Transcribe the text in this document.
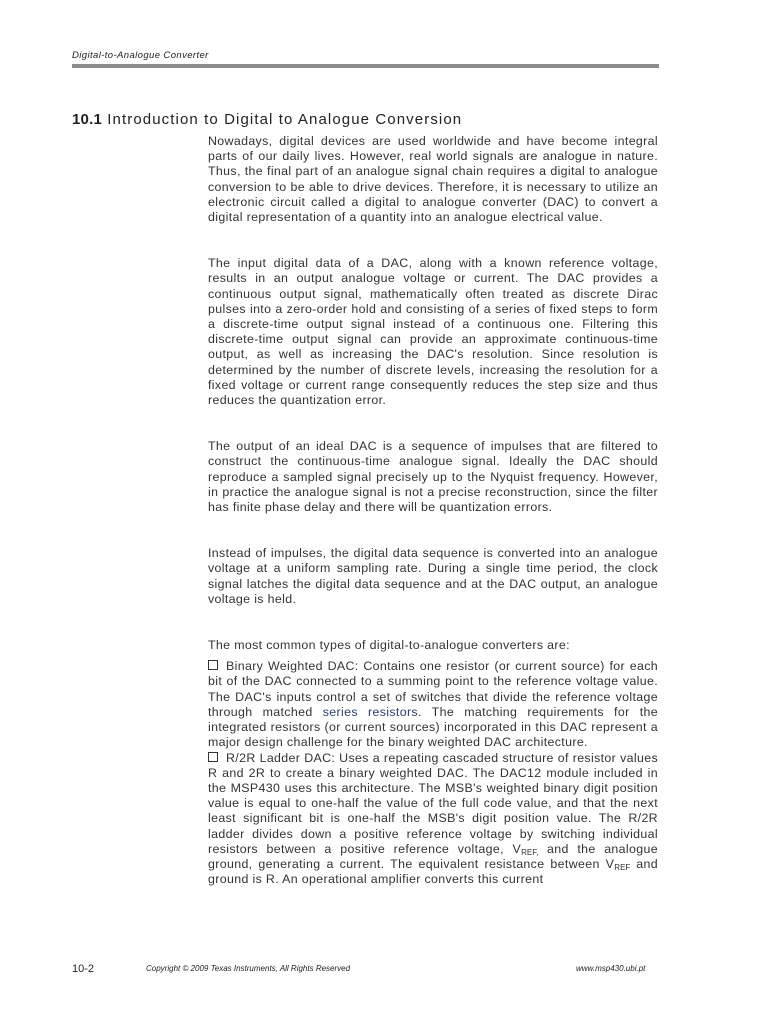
Digital-to-Analogue Converter
10.1 Introduction to Digital to Analogue Conversion

Nowadays, digital devices are used worldwide and have become integral parts of our daily lives. However, real world signals are analogue in nature. Thus, the final part of an analogue signal chain requires a digital to analogue conversion to be able to drive devices. Therefore, it is necessary to utilize an electronic circuit called a digital to analogue converter (DAC) to convert a digital representation of a quantity into an analogue electrical value.

The input digital data of a DAC, along with a known reference voltage, results in an output analogue voltage or current. The DAC provides a continuous output signal, mathematically often treated as discrete Dirac pulses into a zero-order hold and consisting of a series of fixed steps to form a discrete-time output signal instead of a continuous one. Filtering this discrete-time output signal can provide an approximate continuous-time output, as well as increasing the DAC's resolution. Since resolution is determined by the number of discrete levels, increasing the resolution for a fixed voltage or current range consequently reduces the step size and thus reduces the quantization error.

The output of an ideal DAC is a sequence of impulses that are filtered to construct the continuous-time analogue signal. Ideally the DAC should reproduce a sampled signal precisely up to the Nyquist frequency. However, in practice the analogue signal is not a precise reconstruction, since the filter has finite phase delay and there will be quantization errors.

Instead of impulses, the digital data sequence is converted into an analogue voltage at a uniform sampling rate. During a single time period, the clock signal latches the digital data sequence and at the DAC output, an analogue voltage is held.

The most common types of digital-to-analogue converters are:

Binary Weighted DAC: Contains one resistor (or current source) for each bit of the DAC connected to a summing point to the reference voltage value. The DAC's inputs control a set of switches that divide the reference voltage through matched series resistors. The matching requirements for the integrated resistors (or current sources) incorporated in this DAC represent a major design challenge for the binary weighted DAC architecture.

R/2R Ladder DAC: Uses a repeating cascaded structure of resistor values R and 2R to create a binary weighted DAC. The DAC12 module included in the MSP430 uses this architecture. The MSB's weighted binary digit position value is equal to one-half the value of the full code value, and that the next least significant bit is one-half the MSB's digit position value. The R/2R ladder divides down a positive reference voltage by switching individual resistors between a positive reference voltage, $V_{REF,}$ and the analogue ground, generating a current. The equivalent resistance between $V_{REF}$ and ground is R. An operational amplifier converts this current

10-2	Copyright © 2009 Texas Instruments, All Rights Reserved	www.msp430.ubi.pt
